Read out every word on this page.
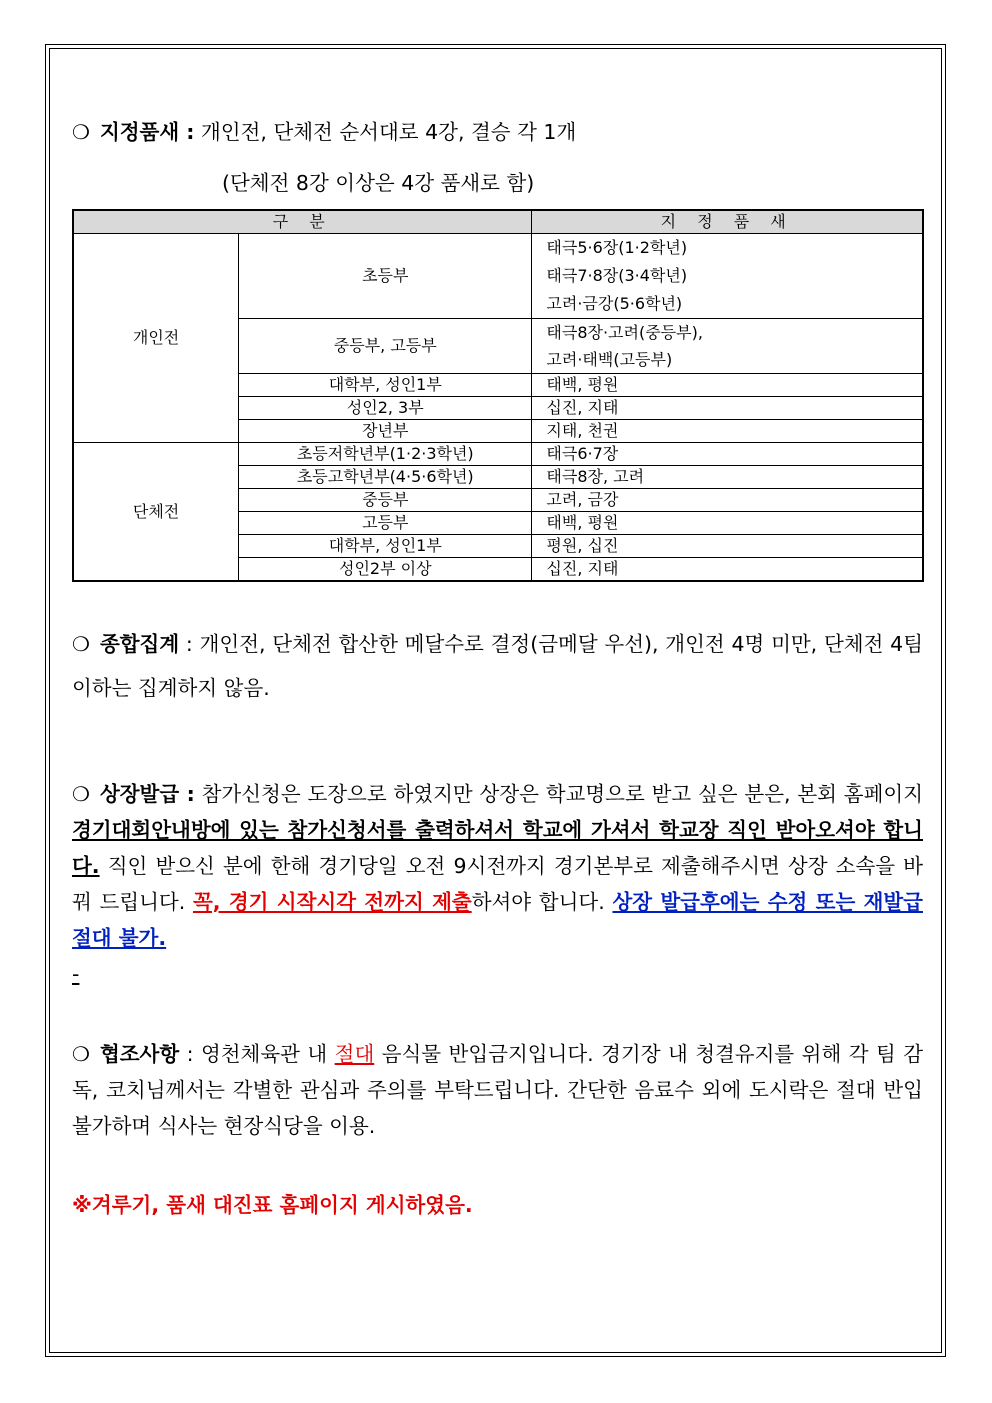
❍ 지정품새 : 개인전, 단체전 순서대로 4강, 결승 각 1개
(단체전 8강 이상은 4강 품새로 함)
구 분		지 정 품 새
개인전	초등부	태극5·6장(1·2학년)
태극7·8장(3·4학년)
고려·금강(5·6학년)

	중등부, 고등부	태극8장·고려(중등부),
고려·태백(고등부)

	대학부, 성인1부	태백, 평원
	성인2, 3부	십진, 지태
	장년부	지태, 천권
단체전	초등저학년부(1·2·3학년)	태극6·7장
	초등고학년부(4·5·6학년)	태극8장, 고려
	중등부	고려, 금강
	고등부	태백, 평원
	대학부, 성인1부	평원, 십진
	성인2부 이상	십진, 지태
❍ 종합집계 : 개인전, 단체전 합산한 메달수로 결정(금메달 우선), 개인전 4명 미만, 단체전 4팀 이하는 집계하지 않음.
❍ 상장발급 : 참가신청은 도장으로 하였지만 상장은 학교명으로 받고 싶은 분은, 본회 홈페이지 경기대회안내방에 있는 참가신청서를 출력하셔서 학교에 가셔서 학교장 직인 받아오셔야 합니다. 직인 받으신 분에 한해 경기당일 오전 9시전까지 경기본부로 제출해주시면 상장 소속을 바꿔 드립니다. 꼭, 경기 시작시각 전까지 제출하셔야 합니다. 상장 발급후에는 수정 또는 재발급 절대 불가.
-
❍ 협조사항 : 영천체육관 내 절대 음식물 반입금지입니다. 경기장 내 청결유지를 위해 각 팀 감독, 코치님께서는 각별한 관심과 주의를 부탁드립니다. 간단한 음료수 외에 도시락은 절대 반입불가하며 식사는 현장식당을 이용.
※겨루기, 품새 대진표 홈페이지 게시하였음.
